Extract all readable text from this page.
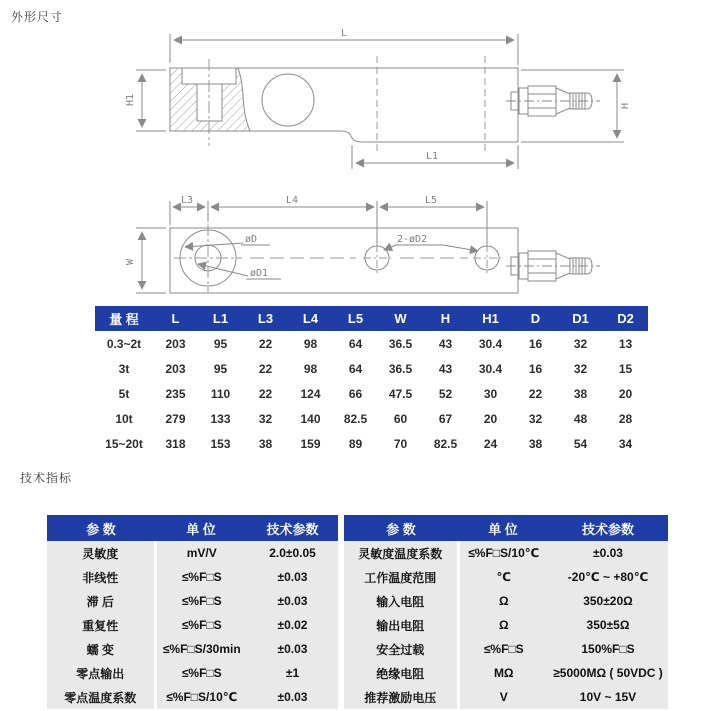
外形尺寸
L
H1	H
L1
L3	L4	L5
W
øD
øD1
2-øD2
量 程	L	L1	L3	L4	L5	W	H	H1	D	D1	D2
0.3~2t	203	95	22	98	64	36.5	43	30.4	16	32	13
3t	203	95	22	98	64	36.5	43	30.4	16	32	15
5t	235	110	22	124	66	47.5	52	30	22	38	20
10t	279	133	32	140	82.5	60	67	20	32	48	28
15~20t	318	153	38	159	89	70	82.5	24	38	54	34
技术指标
参 数	单 位	技术参数
灵敏度	mV/V	2.0±0.05
非线性	≤%F□S	±0.03
滞 后	≤%F□S	±0.03
重复性	≤%F□S	±0.02
蠕 变	≤%F□S/30min	±0.03
零点输出	≤%F□S	±1
零点温度系数	≤%F□S/10℃	±0.03
参 数	单 位	技术参数
灵敏度温度系数	≤%F□S/10℃	±0.03
工作温度范围	℃	-20℃ ~ +80℃
输入电阻	Ω	350±20Ω
输出电阻	Ω	350±5Ω
安全过载	≤%F□S	150%F□S
绝缘电阻	MΩ	≥5000MΩ ( 50VDC )
推荐激励电压	V	10V ~ 15V
